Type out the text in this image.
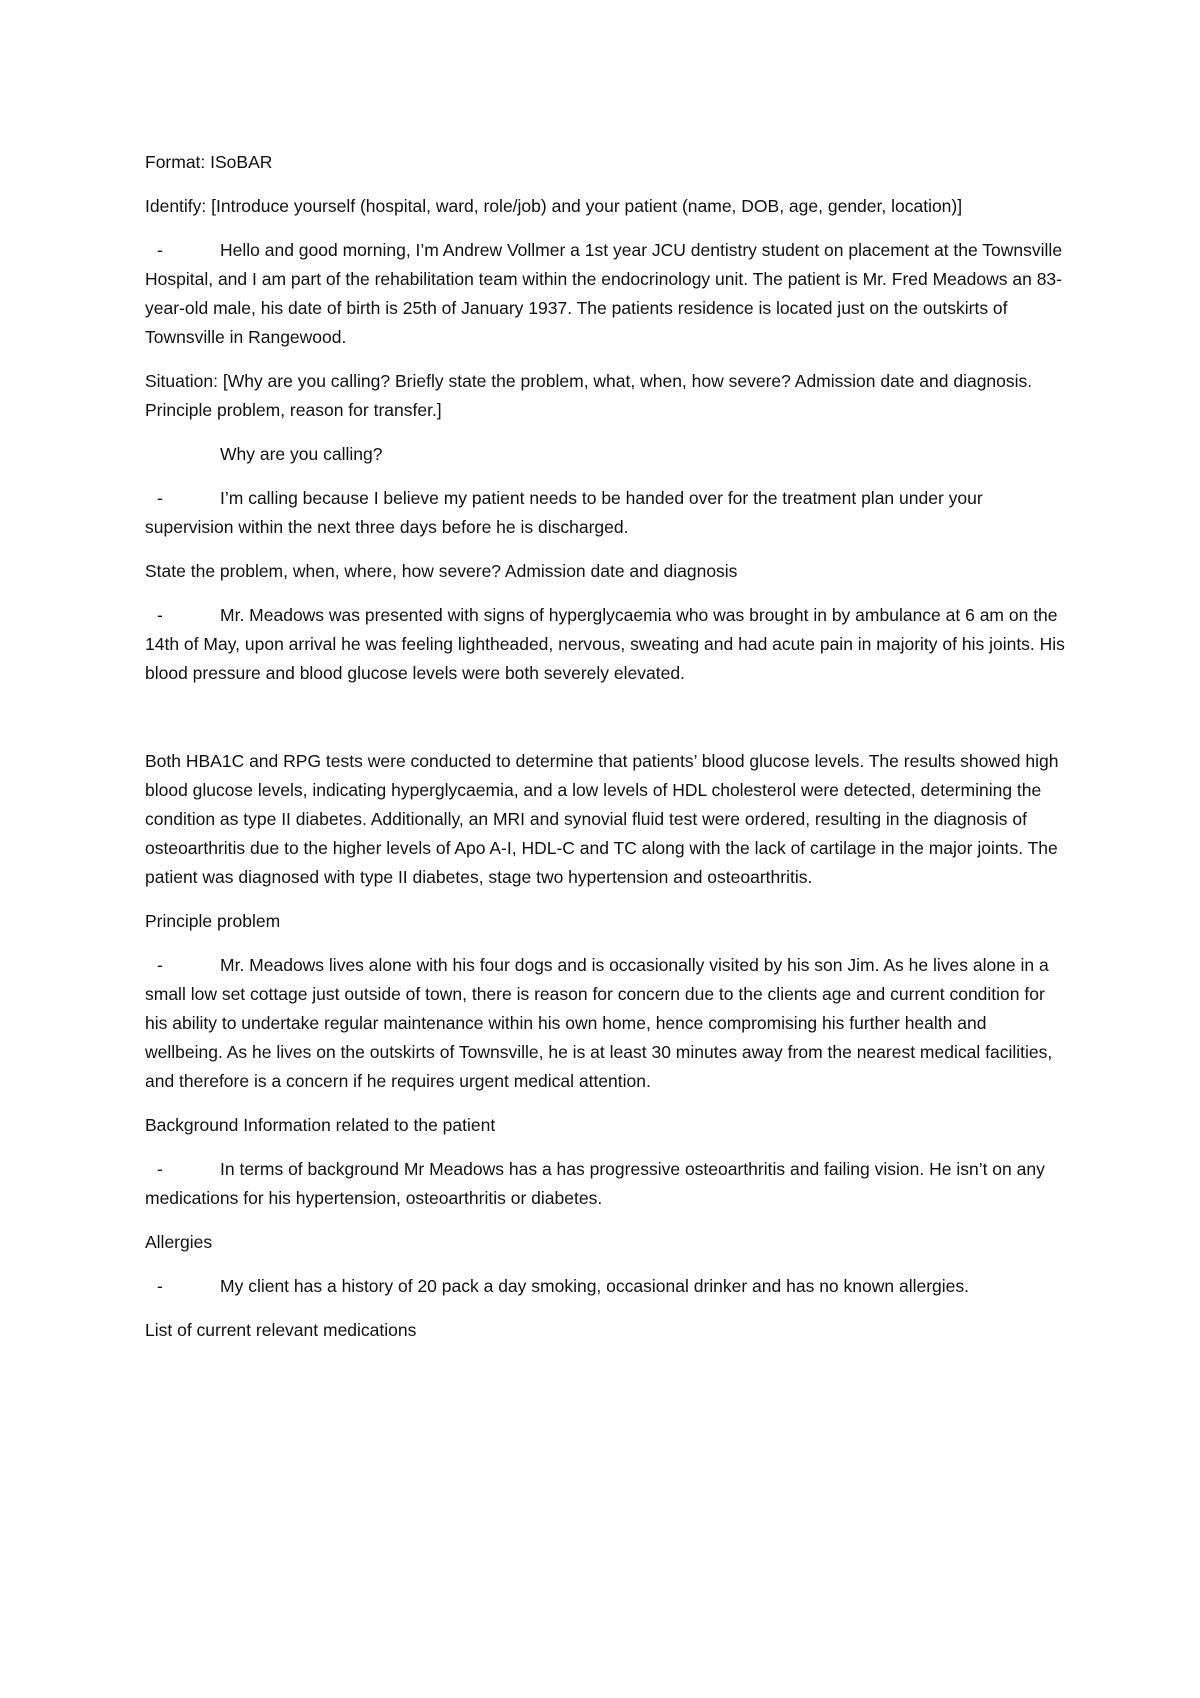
Format: ISoBAR

Identify: [Introduce yourself (hospital, ward, role/job) and your patient (name, DOB, age, gender, location)]

-	Hello and good morning, I’m Andrew Vollmer a 1st year JCU dentistry student on placement at the Townsville Hospital, and I am part of the rehabilitation team within the endocrinology unit. The patient is Mr. Fred Meadows an 83-year-old male, his date of birth is 25th of January 1937. The patients residence is located just on the outskirts of Townsville in Rangewood.

Situation: [Why are you calling? Briefly state the problem, what, when, how severe? Admission date and diagnosis. Principle problem, reason for transfer.]

Why are you calling?

-	I’m calling because I believe my patient needs to be handed over for the treatment plan under your supervision within the next three days before he is discharged.

State the problem, when, where, how severe? Admission date and diagnosis

-	Mr. Meadows was presented with signs of hyperglycaemia who was brought in by ambulance at 6 am on the 14th of May, upon arrival he was feeling lightheaded, nervous, sweating and had acute pain in majority of his joints. His blood pressure and blood glucose levels were both severely elevated.

Both HBA1C and RPG tests were conducted to determine that patients’ blood glucose levels. The results showed high blood glucose levels, indicating hyperglycaemia, and a low levels of HDL cholesterol were detected, determining the condition as type II diabetes. Additionally, an MRI and synovial fluid test were ordered, resulting in the diagnosis of osteoarthritis due to the higher levels of Apo A-I, HDL-C and TC along with the lack of cartilage in the major joints. The patient was diagnosed with type II diabetes, stage two hypertension and osteoarthritis.

Principle problem

-	Mr. Meadows lives alone with his four dogs and is occasionally visited by his son Jim. As he lives alone in a small low set cottage just outside of town, there is reason for concern due to the clients age and current condition for his ability to undertake regular maintenance within his own home, hence compromising his further health and wellbeing. As he lives on the outskirts of Townsville, he is at least 30 minutes away from the nearest medical facilities, and therefore is a concern if he requires urgent medical attention.

Background Information related to the patient

-	In terms of background Mr Meadows has a has progressive osteoarthritis and failing vision. He isn’t on any medications for his hypertension, osteoarthritis or diabetes.

Allergies

-	My client has a history of 20 pack a day smoking, occasional drinker and has no known allergies.

List of current relevant medications
